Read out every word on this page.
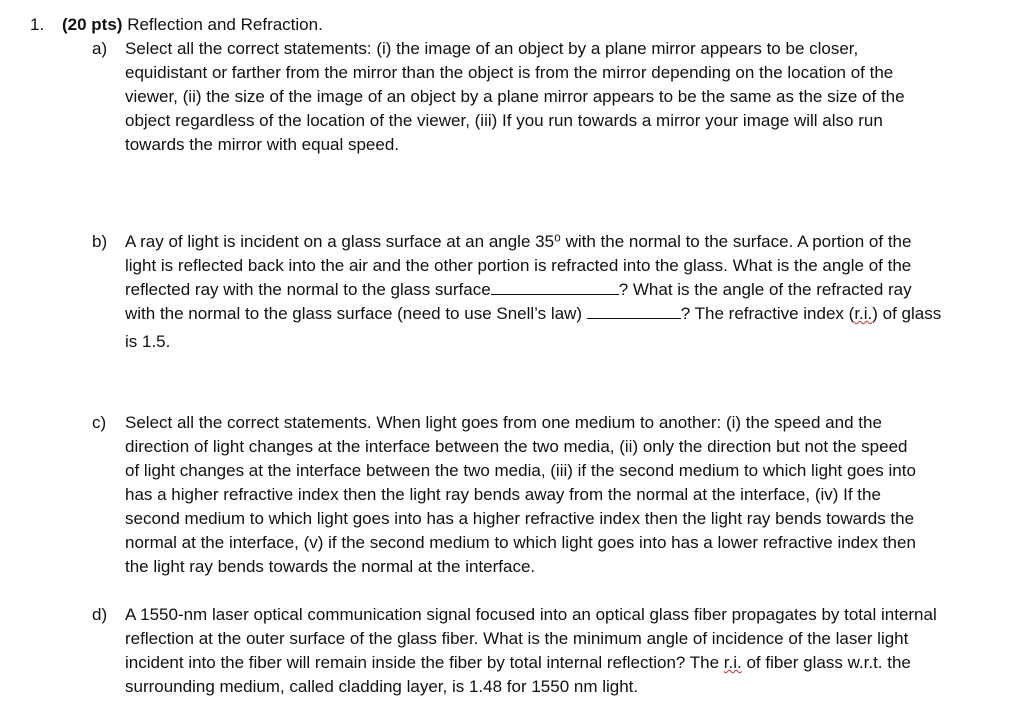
1. (20 pts) Reflection and Refraction.
a) Select all the correct statements: (i) the image of an object by a plane mirror appears to be closer,
equidistant or farther from the mirror than the object is from the mirror depending on the location of the
viewer, (ii) the size of the image of an object by a plane mirror appears to be the same as the size of the
object regardless of the location of the viewer, (iii) If you run towards a mirror your image will also run
towards the mirror with equal speed.
b) A ray of light is incident on a glass surface at an angle 35⁰ with the normal to the surface. A portion of the
light is reflected back into the air and the other portion is refracted into the glass. What is the angle of the
reflected ray with the normal to the glass surface	? What is the angle of the refracted ray
with the normal to the glass surface (need to use Snell’s law)	? The refractive index (r.i.) of glass
is 1.5.
c) Select all the correct statements. When light goes from one medium to another: (i) the speed and the
direction of light changes at the interface between the two media, (ii) only the direction but not the speed
of light changes at the interface between the two media, (iii) if the second medium to which light goes into
has a higher refractive index then the light ray bends away from the normal at the interface, (iv) If the
second medium to which light goes into has a higher refractive index then the light ray bends towards the
normal at the interface, (v) if the second medium to which light goes into has a lower refractive index then
the light ray bends towards the normal at the interface.
d) A 1550-nm laser optical communication signal focused into an optical glass fiber propagates by total internal
reflection at the outer surface of the glass fiber. What is the minimum angle of incidence of the laser light
incident into the fiber will remain inside the fiber by total internal reflection? The r.i. of fiber glass w.r.t. the
surrounding medium, called cladding layer, is 1.48 for 1550 nm light.
